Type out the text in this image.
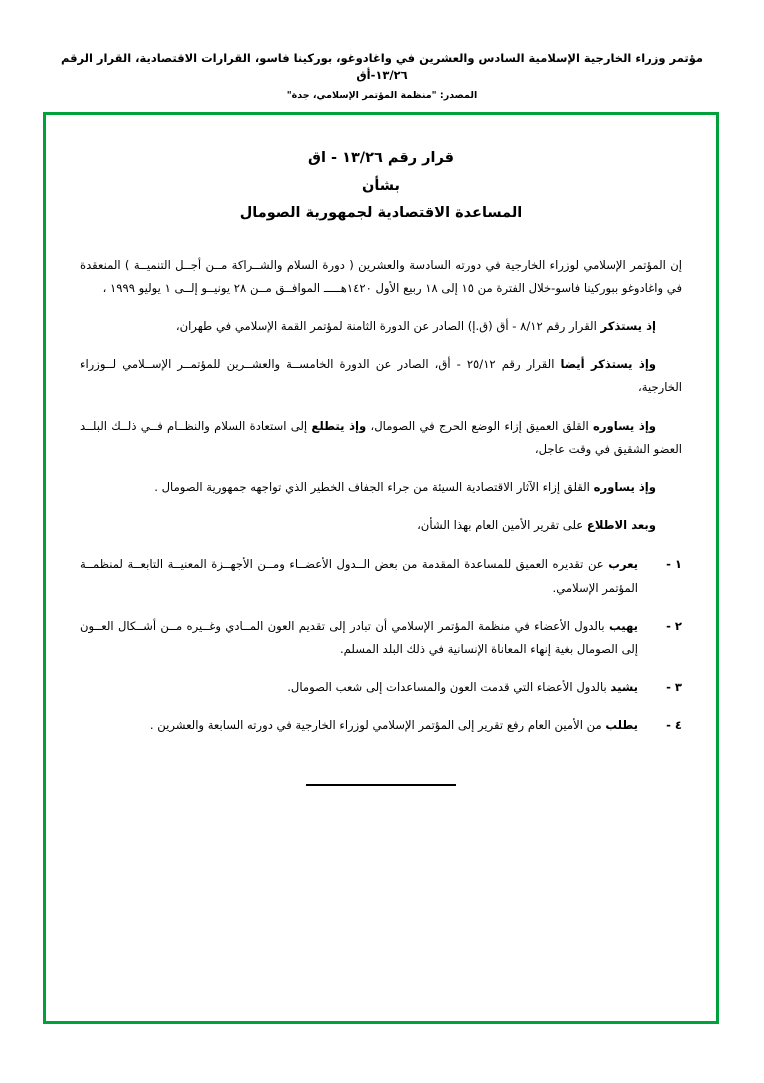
مؤتمر وزراء الخارجية الإسلامية السادس والعشرين في واغادوغو، بوركينا فاسو، القرارات الاقتصادية، القرار الرقم ١٣/٢٦-أق
المصدر: "منظمة المؤتمر الإسلامي، جدة"
قرار رقم ١٣/٢٦ - اق
بشأن
المساعدة الاقتصادية لجمهورية الصومال

إن المؤتمر الإسلامي لوزراء الخارجية في دورته السادسة والعشرين ( دورة السلام والشــراكة مــن أجــل التنميــة ) المنعقدة في واغادوغو ببوركينا فاسو-خلال الفترة من ١٥ إلى ١٨ ربيع الأول ١٤٢٠هـــــ الموافــق مــن ٢٨ يونيــو إلــى ١ يوليو ١٩٩٩ ،

إذ يستذكر القرار رقم ٨/١٢ - أق (ق.إ) الصادر عن الدورة الثامنة لمؤتمر القمة الإسلامي في طهران،

وإذ يستذكر أيضا القرار رقم ٢٥/١٢ - أق، الصادر عن الدورة الخامســة والعشــرين للمؤتمــر الإســلامي لــوزراء الخارجية،

وإذ يساوره القلق العميق إزاء الوضع الحرج في الصومال، وإذ يتطلع إلى استعادة السلام والنظــام فــي ذلــك البلــد العضو الشقيق في وقت عاجل،

وإذ يساوره القلق إزاء الآثار الاقتصادية السيئة من جراء الجفاف الخطير الذي تواجهه جمهورية الصومال .

وبعد الاطلاع على تقرير الأمين العام بهذا الشأن،

١ -
يعرب عن تقديره العميق للمساعدة المقدمة من بعض الــدول الأعضــاء ومــن الأجهــزة المعنيــة التابعــة لمنظمــة المؤتمر الإسلامي.
٢ -
يهيب بالدول الأعضاء في منظمة المؤتمر الإسلامي أن تبادر إلى تقديم العون المــادي وغــيره مــن أشــكال العــون إلى الصومال بغية إنهاء المعاناة الإنسانية في ذلك البلد المسلم.
٣ -
يشيد بالدول الأعضاء التي قدمت العون والمساعدات إلى شعب الصومال.
٤ -
يطلب من الأمين العام رفع تقرير إلى المؤتمر الإسلامي لوزراء الخارجية في دورته السابعة والعشرين .
